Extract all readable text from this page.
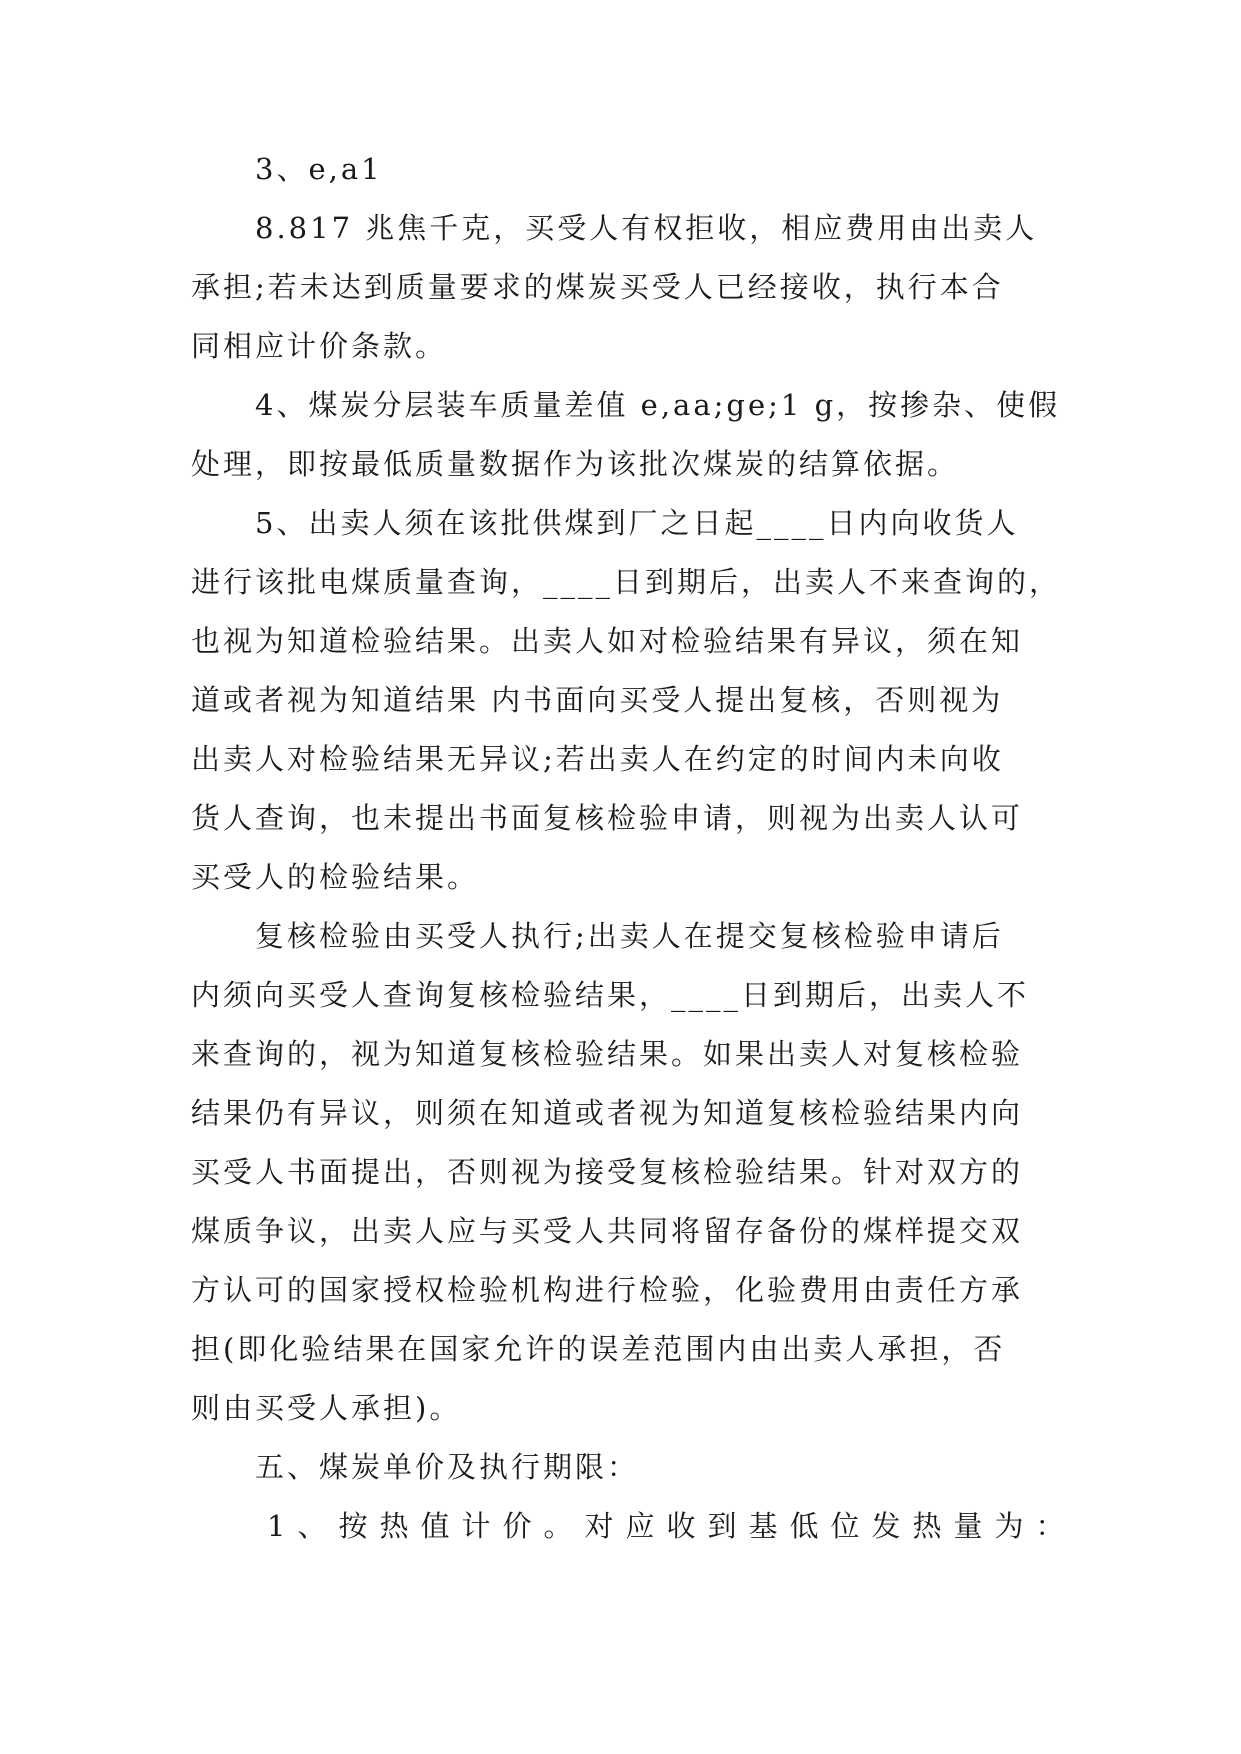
3、e,a1
8.817 兆焦千克，买受人有权拒收，相应费用由出卖人
承担;若未达到质量要求的煤炭买受人已经接收，执行本合
同相应计价条款。
4、煤炭分层装车质量差值 e,aa;ge;1 g，按掺杂、使假
处理，即按最低质量数据作为该批次煤炭的结算依据。
5、出卖人须在该批供煤到厂之日起____日内向收货人
进行该批电煤质量查询，____日到期后，出卖人不来查询的，
也视为知道检验结果。出卖人如对检验结果有异议，须在知
道或者视为知道结果 内书面向买受人提出复核，否则视为
出卖人对检验结果无异议;若出卖人在约定的时间内未向收
货人查询，也未提出书面复核检验申请，则视为出卖人认可
买受人的检验结果。
复核检验由买受人执行;出卖人在提交复核检验申请后
内须向买受人查询复核检验结果，____日到期后，出卖人不
来查询的，视为知道复核检验结果。如果出卖人对复核检验
结果仍有异议，则须在知道或者视为知道复核检验结果内向
买受人书面提出，否则视为接受复核检验结果。针对双方的
煤质争议，出卖人应与买受人共同将留存备份的煤样提交双
方认可的国家授权检验机构进行检验，化验费用由责任方承
担(即化验结果在国家允许的误差范围内由出卖人承担，否
则由买受人承担)。
五、煤炭单价及执行期限：
1、按热值计价。对应收到基低位发热量为：
